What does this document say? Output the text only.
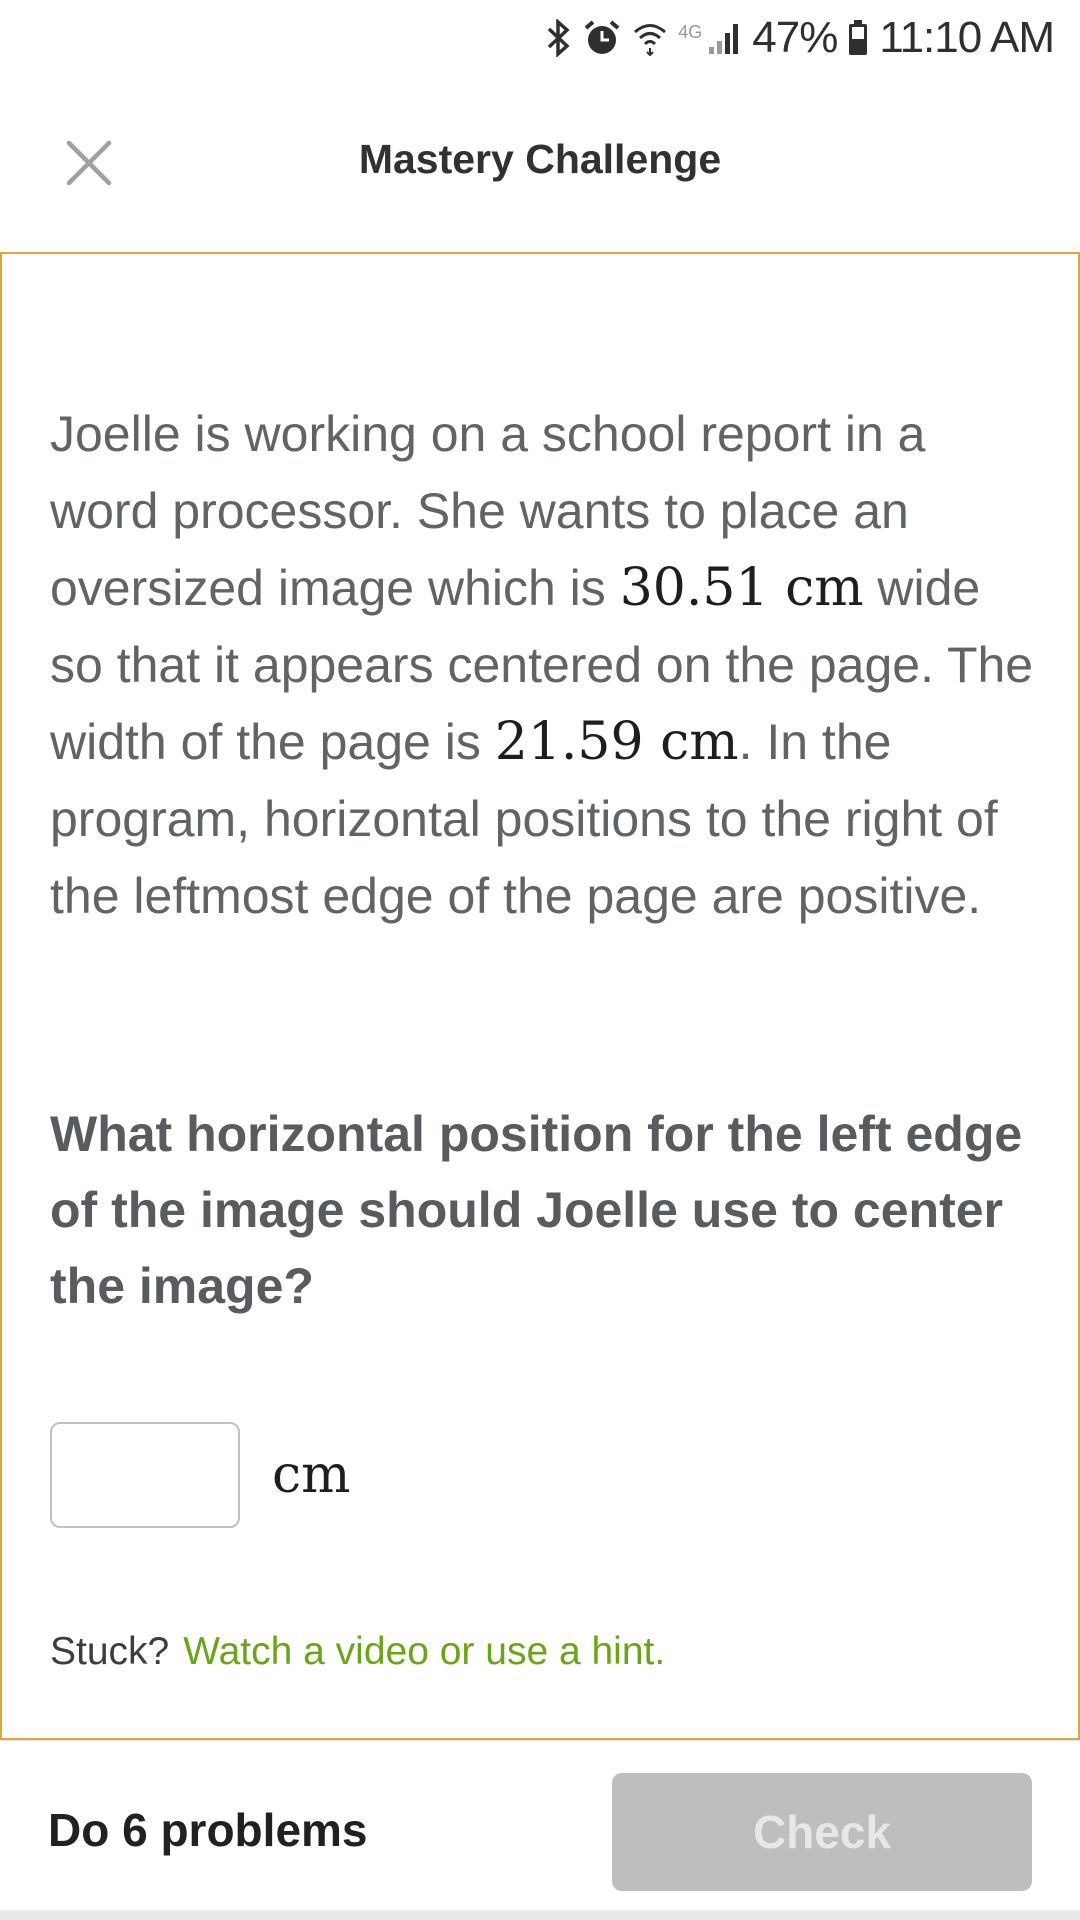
4G 47% 11:10 AM
Mastery Challenge
Joelle is working on a school report in a word processor. She wants to place an oversized image which is 30.51 cm wide so that it appears centered on the page. The width of the page is 21.59 cm. In the program, horizontal positions to the right of the leftmost edge of the page are positive.
What horizontal position for the left edge of the image should Joelle use to center the image?
cm
Stuck? Watch a video or use a hint.
Do 6 problems	Check
